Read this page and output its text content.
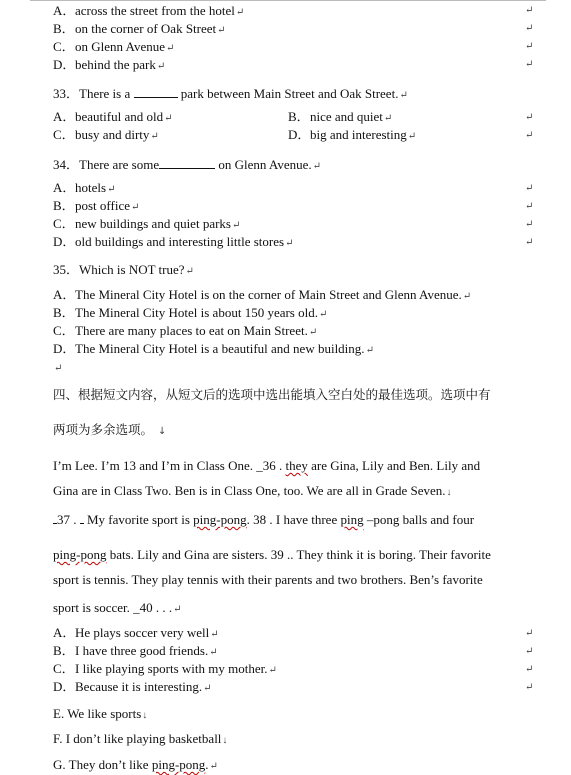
A．across the street from the hotel↵	↵
B．on the corner of Oak Street↵	↵
C．on Glenn Avenue↵	↵
D．behind the park↵	↵
33．There is a	park between Main Street and Oak Street.↵
A．beautiful and old↵	B．nice and quiet↵	↵
C．busy and dirty↵	D．big and interesting↵	↵
34．There are some	on Glenn Avenue.↵
A．hotels↵	↵
B．post office↵	↵
C．new buildings and quiet parks↵	↵
D．old buildings and interesting little stores↵	↵
35．Which is NOT true?↵
A．The Mineral City Hotel is on the corner of Main Street and Glenn Avenue.↵
B．The Mineral City Hotel is about 150 years old.↵
C．There are many places to eat on Main Street.↵
D．The Mineral City Hotel is a beautiful and new building.↵
↵
四、根据短文内容，从短文后的选项中选出能填入空白处的最佳选项。选项中有
两项为多余选项。 ↓
I’m Lee. I’m 13 and I’m in Class One. _36 . they are Gina, Lily and Ben. Lily and
Gina are in Class Two. Ben is in Class One, too. We are all in Grade Seven.↓
37 .  My favorite sport is ping-pong. 38 . I have three ping –pong balls and four
ping-pong bats. Lily and Gina are sisters. 39 .. They think it is boring. Their favorite
sport is tennis. They play tennis with their parents and two brothers. Ben’s favorite
sport is soccer. _40 . . .↵
A．He plays soccer very well↵	↵
B．I have three good friends.↵	↵
C．I like playing sports with my mother.↵	↵
D．Because it is interesting.↵	↵
E. We like sports↓
F. I don’t like playing basketball↓
G. They don’t like ping-pong.↵
